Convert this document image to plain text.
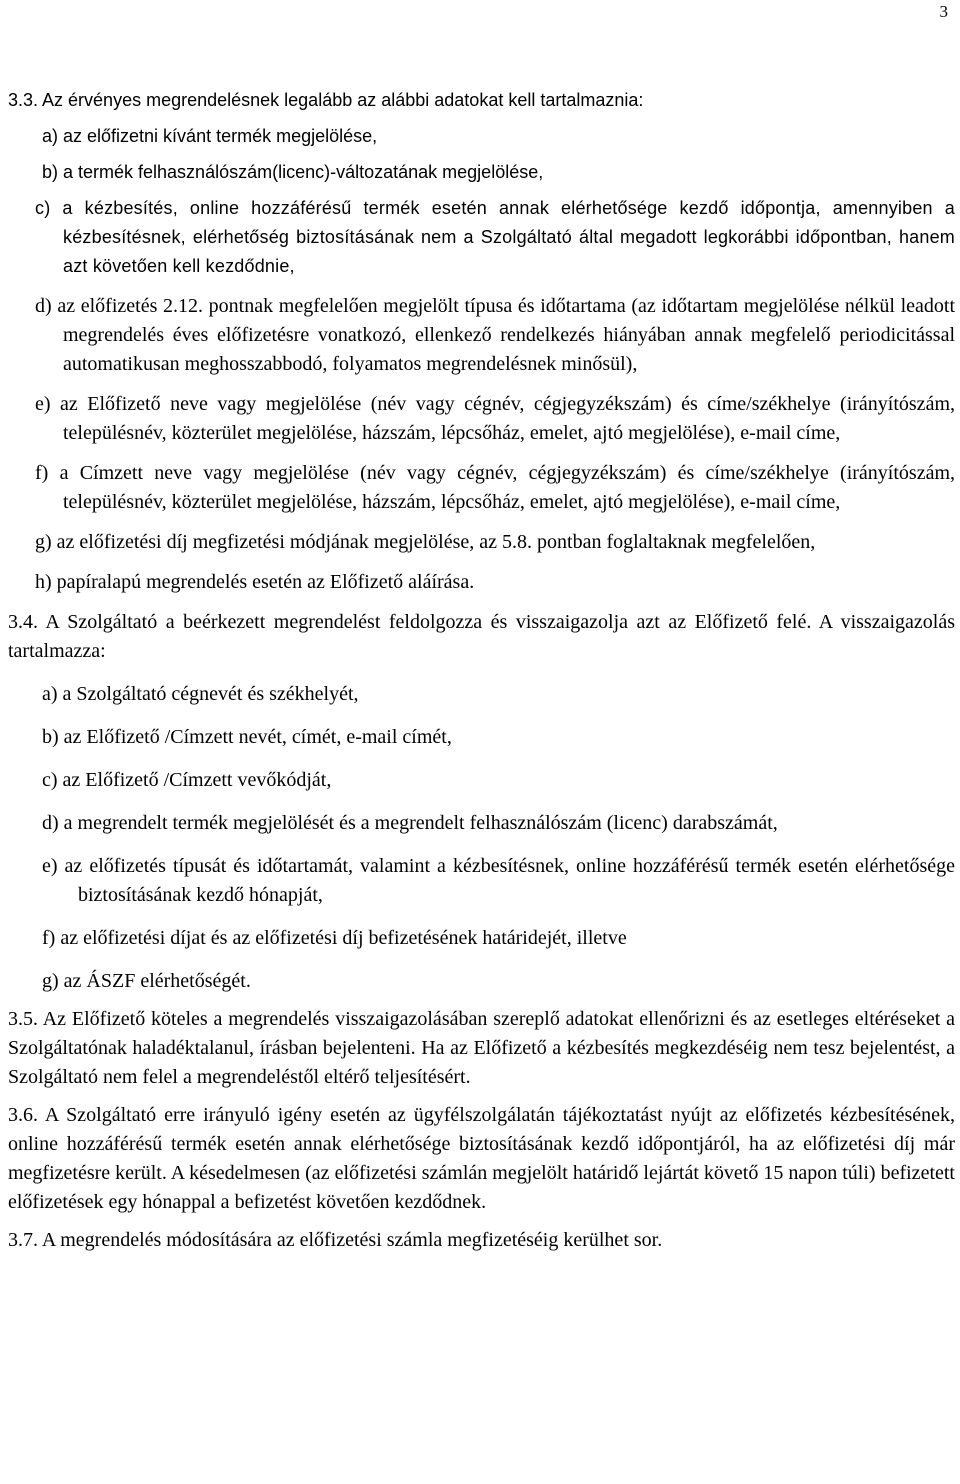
3

3.3. Az érvényes megrendelésnek legalább az alábbi adatokat kell tartalmaznia:

a) az előfizetni kívánt termék megjelölése,

b) a termék felhasználószám(licenc)-változatának megjelölése,

c) a kézbesítés, online hozzáférésű termék esetén annak elérhetősége kezdő időpontja, amennyiben a kézbesítésnek, elérhetőség biztosításának nem a Szolgáltató által megadott legkorábbi időpontban, hanem azt követően kell kezdődnie,

d) az előfizetés 2.12. pontnak megfelelően megjelölt típusa és időtartama (az időtartam megjelölése nélkül leadott megrendelés éves előfizetésre vonatkozó, ellenkező rendelkezés hiányában annak megfelelő periodicitással automatikusan meghosszabbodó, folyamatos megrendelésnek minősül),

e) az Előfizető neve vagy megjelölése (név vagy cégnév, cégjegyzékszám) és címe/székhelye (irányítószám, településnév, közterület megjelölése, házszám, lépcsőház, emelet, ajtó megjelölése), e-mail címe,

f) a Címzett neve vagy megjelölése (név vagy cégnév, cégjegyzékszám) és címe/székhelye (irányítószám, településnév, közterület megjelölése, házszám, lépcsőház, emelet, ajtó megjelölése), e-mail címe,

g) az előfizetési díj megfizetési módjának megjelölése, az 5.8. pontban foglaltaknak megfelelően,

h) papíralapú megrendelés esetén az Előfizető aláírása.

3.4. A Szolgáltató a beérkezett megrendelést feldolgozza és visszaigazolja azt az Előfizető felé. A visszaigazolás tartalmazza:

a) a Szolgáltató cégnevét és székhelyét,

b) az Előfizető /Címzett nevét, címét, e-mail címét,

c) az Előfizető /Címzett vevőkódját,

d) a megrendelt termék megjelölését és a megrendelt felhasználószám (licenc) darabszámát,

e) az előfizetés típusát és időtartamát, valamint a kézbesítésnek, online hozzáférésű termék esetén elérhetősége biztosításának kezdő hónapját,

f) az előfizetési díjat és az előfizetési díj befizetésének határidejét, illetve

g) az ÁSZF elérhetőségét.

3.5. Az Előfizető köteles a megrendelés visszaigazolásában szereplő adatokat ellenőrizni és az esetleges eltéréseket a Szolgáltatónak haladéktalanul, írásban bejelenteni. Ha az Előfizető a kézbesítés megkezdéséig nem tesz bejelentést, a Szolgáltató nem felel a megrendeléstől eltérő teljesítésért.

3.6. A Szolgáltató erre irányuló igény esetén az ügyfélszolgálatán tájékoztatást nyújt az előfizetés kézbesítésének, online hozzáférésű termék esetén annak elérhetősége biztosításának kezdő időpontjáról, ha az előfizetési díj már megfizetésre került. A késedelmesen (az előfizetési számlán megjelölt határidő lejártát követő 15 napon túli) befizetett előfizetések egy hónappal a befizetést követően kezdődnek.

3.7. A megrendelés módosítására az előfizetési számla megfizetéséig kerülhet sor.
